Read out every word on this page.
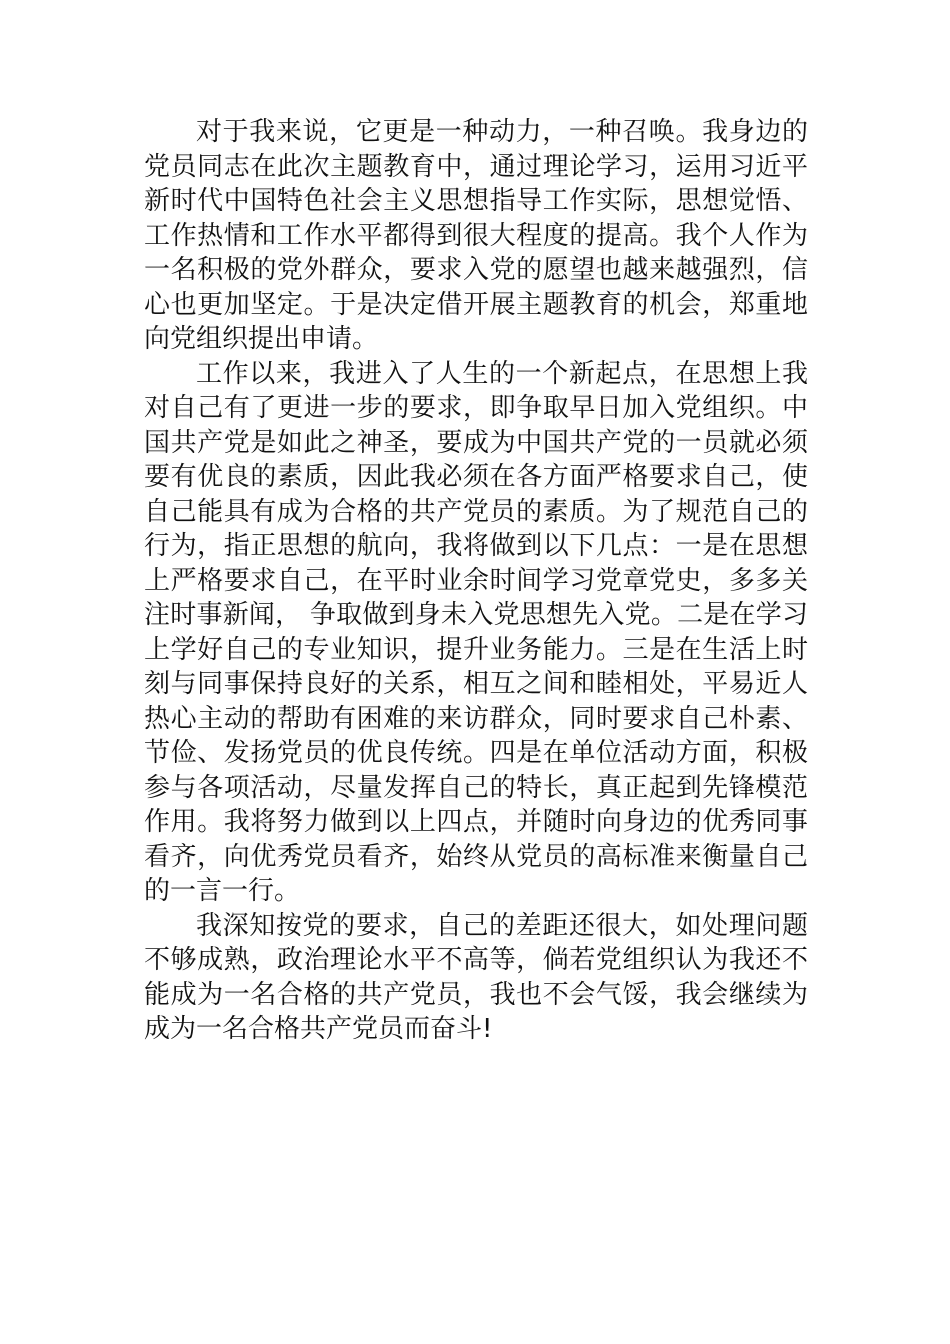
对于我来说，它更是一种动力，一种召唤。我身边的党员同志在此次主题教育中，通过理论学习，运用习近平新时代中国特色社会主义思想指导工作实际，思想觉悟、工作热情和工作水平都得到很大程度的提高。我个人作为一名积极的党外群众，要求入党的愿望也越来越强烈，信心也更加坚定。于是决定借开展主题教育的机会，郑重地向党组织提出申请。

工作以来，我进入了人生的一个新起点，在思想上我对自己有了更进一步的要求，即争取早日加入党组织。中国共产党是如此之神圣，要成为中国共产党的一员就必须要有优良的素质，因此我必须在各方面严格要求自己，使自己能具有成为合格的共产党员的素质。为了规范自己的行为，指正思想的航向，我将做到以下几点：一是在思想上严格要求自己，在平时业余时间学习党章党史，多多关注时事新闻， 争取做到身未入党思想先入党。二是在学习上学好自己的专业知识，提升业务能力。三是在生活上时刻与同事保持良好的关系，相互之间和睦相处，平易近人热心主动的帮助有困难的来访群众，同时要求自己朴素、节俭、发扬党员的优良传统。四是在单位活动方面，积极参与各项活动，尽量发挥自己的特长，真正起到先锋模范作用。我将努力做到以上四点，并随时向身边的优秀同事看齐，向优秀党员看齐，始终从党员的高标准来衡量自己的一言一行。

我深知按党的要求，自己的差距还很大，如处理问题不够成熟，政治理论水平不高等，倘若党组织认为我还不能成为一名合格的共产党员，我也不会气馁，我会继续为成为一名合格共产党员而奋斗!
